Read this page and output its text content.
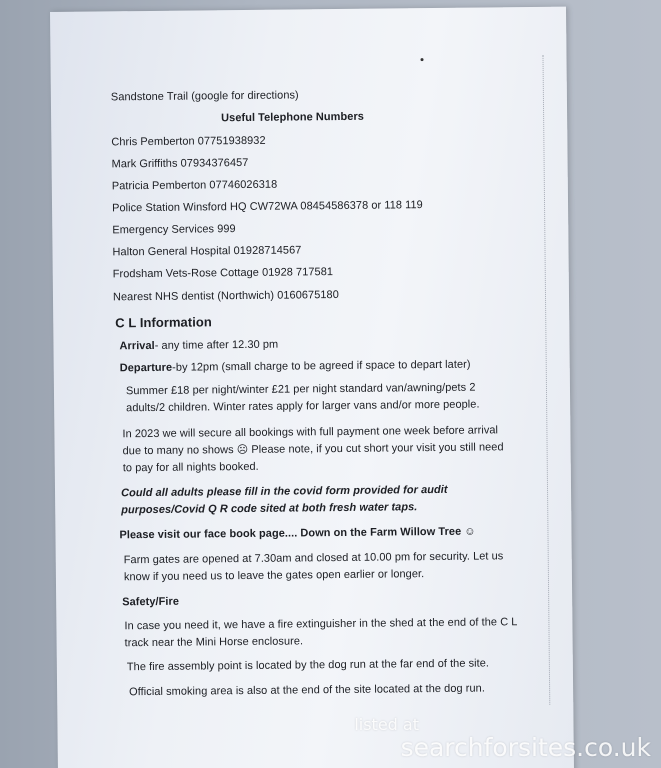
Sandstone Trail (google for directions)
Useful Telephone Numbers
Chris Pemberton 07751938932
Mark Griffiths 07934376457
Patricia Pemberton 07746026318
Police Station Winsford HQ CW72WA 08454586378 or 118 119
Emergency Services 999
Halton General Hospital 01928714567
Frodsham Vets-Rose Cottage 01928 717581
Nearest NHS dentist (Northwich) 0160675180
C L Information
Arrival- any time after 12.30 pm
Departure-by 12pm (small charge to be agreed if space to depart later)
Summer £18 per night/winter £21 per night standard van/awning/pets 2
adults/2 children. Winter rates apply for larger vans and/or more people.
In 2023 we will secure all bookings with full payment one week before arrival
due to many no shows ☹ Please note, if you cut short your visit you still need
to pay for all nights booked.
Could all adults please fill in the covid form provided for audit
purposes/Covid Q R code sited at both fresh water taps.
Please visit our face book page.... Down on the Farm Willow Tree ☺
Farm gates are opened at 7.30am and closed at 10.00 pm for security. Let us
know if you need us to leave the gates open earlier or longer.
Safety/Fire
In case you need it, we have a fire extinguisher in the shed at the end of the C L
track near the Mini Horse enclosure.
The fire assembly point is located by the dog run at the far end of the site.
Official smoking area is also at the end of the site located at the dog run.
listed at
searchforsites.co.uk
